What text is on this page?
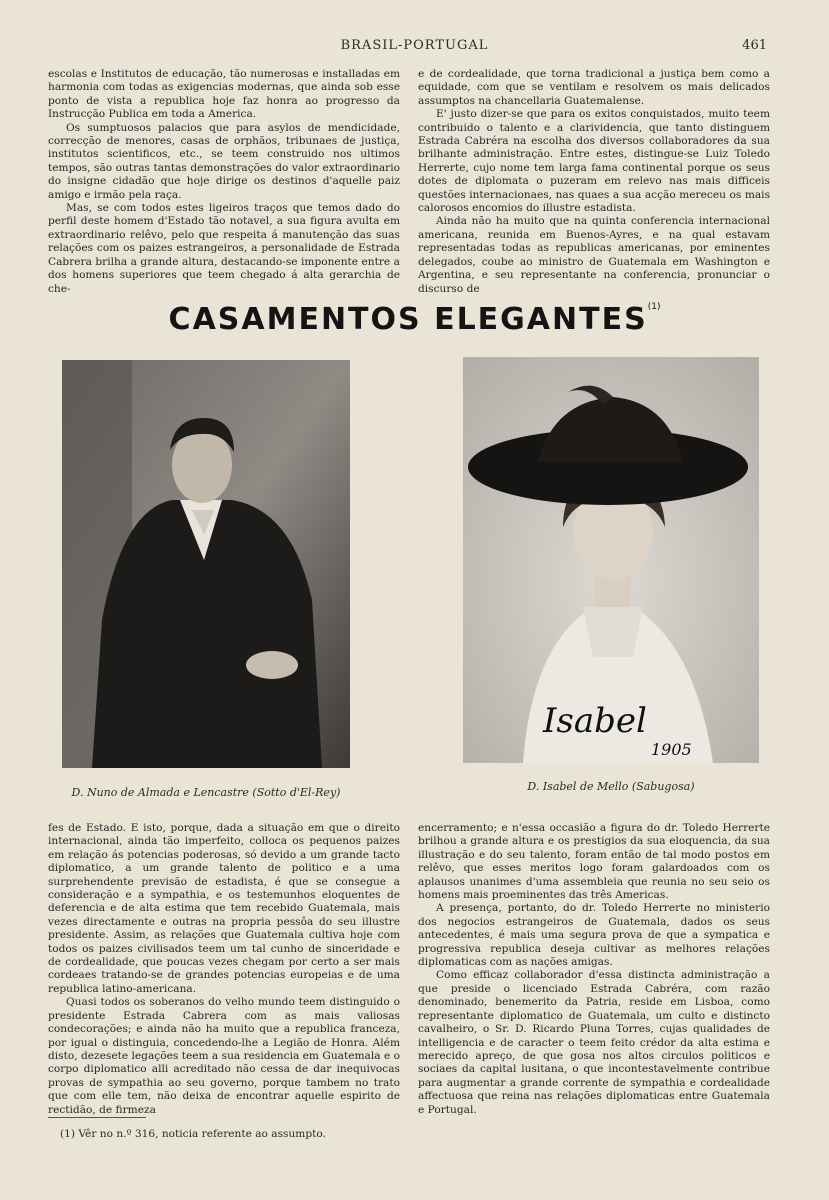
BRASIL-PORTUGAL	461

escolas e Institutos de educação, tão numerosas e installadas em harmonia com todas as exigencias modernas, que ainda sob esse ponto de vista a republica hoje faz honra ao progresso da Instrucção Publica em toda a America.

Os sumptuosos palacios que para asylos de mendicidade, correcção de menores, casas de orphãos, tribunaes de justiça, institutos scientificos, etc., se teem construido nos ultimos tempos, são outras tantas demonstrações do valor extraordinario do insigne cidadão que hoje dirige os destinos d'aquelle paiz amigo e irmão pela raça.

Mas, se com todos estes ligeiros traços que temos dado do perfil deste homem d'Estado tão notavel, a sua figura avulta em extraordinario relêvo, pelo que respeita á manutenção das suas relações com os paizes estrangeiros, a personalidade de Estrada Cabrera brilha a grande altura, destacando-se imponente entre a dos homens superiores que teem chegado á alta gerarchia de che-

e de cordealidade, que torna tradicional a justiça bem como a equidade, com que se ventilam e resolvem os mais delicados assumptos na chancellaria Guatemalense.

E' justo dizer-se que para os exitos conquistados, muito teem contribuido o talento e a clarividencia, que tanto distinguem Estrada Cabréra na escolha dos diversos collaboradores da sua brilhante administração. Entre estes, distingue-se Luiz Toledo Herrerte, cujo nome tem larga fama continental porque os seus dotes de diplomata o puzeram em relevo nas mais difficeis questões internacionaes, nas quaes a sua acção mereceu os mais calorosos encomios do illustre estadista.

Ainda não ha muito que na quinta conferencia internacional americana, reunida em Buenos-Ayres, e na qual estavam representadas todas as republicas americanas, por eminentes delegados, coube ao ministro de Guatemala em Washington e Argentina, e seu representante na conferencia, pronunciar o discurso de

CASAMENTOS ELEGANTES$^{(1)}$
Isabel
1905
D. Nuno de Almada e Lencastre (Sotto d'El-Rey)	D. Isabel de Mello (Sabugosa)

fes de Estado. E isto, porque, dada a situação em que o direito internacional, ainda tão imperfeito, colloca os pequenos paizes em relação ás potencias poderosas, só devido a um grande tacto diplomatico, a um grande talento de politico e a uma surprehendente previsão de estadista, é que se consegue a consideração e a sympathia, e os testemunhos eloquentes de deferencia e de alta estima que tem recebido Guatemala, mais vezes directamente e outras na propria pessôa do seu illustre presidente. Assim, as relações que Guatemala cultiva hoje com todos os paizes civilisados teem um tal cunho de sinceridade e de cordealidade, que poucas vezes chegam por certo a ser mais cordeaes tratando-se de grandes potencias europeias e de uma republica latino-americana.

Quasi todos os soberanos do velho mundo teem distinguido o presidente Estrada Cabrera com as mais valiosas condecorações; e ainda não ha muito que a republica franceza, por igual o distinguia, concedendo-lhe a Legião de Honra. Além disto, dezesete legações teem a sua residencia em Guatemala e o corpo diplomatico alli acreditado não cessa de dar inequivocas provas de sympathia ao seu governo, porque tambem no trato que com elle tem, não deixa de encontrar aquelle espirito de rectidão, de firmeza

encerramento; e n'essa occasião a figura do dr. Toledo Herrerte brilhou a grande altura e os prestigios da sua eloquencia, da sua illustração e do seu talento, foram então de tal modo postos em relêvo, que esses meritos logo foram galardoados com os aplausos unanimes d'uma assembleia que reunia no seu seio os homens mais proeminentes das três Americas.

A presença, portanto, do dr. Toledo Herrerte no ministerio dos negocios estrangeiros de Guatemala, dados os seus antecedentes, é mais uma segura prova de que a sympatica e progressiva republica deseja cultivar as melhores relações diplomaticas com as nações amigas.

Como efficaz collaborador d'essa distincta administração a que preside o licenciado Estrada Cabréra, com razão denominado, benemerito da Patria, reside em Lisboa, como representante diplomatico de Guatemala, um culto e distincto cavalheiro, o Sr. D. Ricardo Pluna Torres, cujas qualidades de intelligencia e de caracter o teem feito crédor da alta estima e merecido apreço, de que gosa nos altos circulos politicos e sociaes da capital lusitana, o que incontestavelmente contribue para augmentar a grande corrente de sympathia e cordealidade affectuosa que reina nas relações diplomaticas entre Guatemala e Portugal.

(1) Vêr no n.º 316, noticia referente ao assumpto.
